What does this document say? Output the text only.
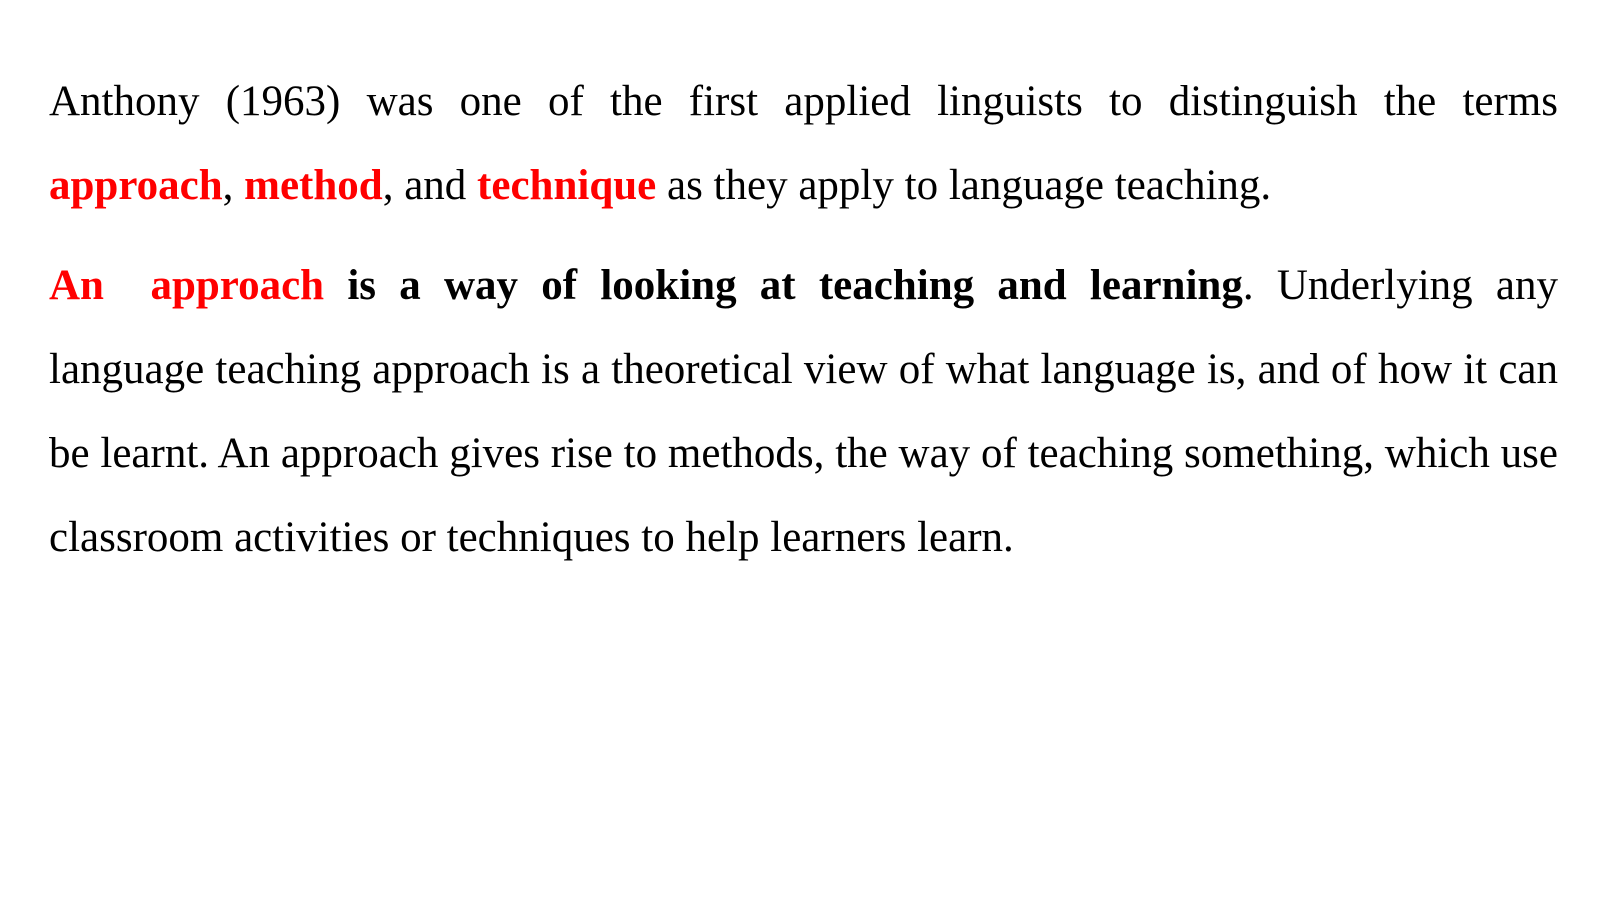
Anthony (1963) was one of the first applied linguists to distinguish the terms approach, method, and technique as they apply to language teaching.

An approach is a way of looking at teaching and learning. Underlying any language teaching approach is a theoretical view of what language is, and of how it can be learnt. An approach gives rise to methods, the way of teaching something, which use classroom activities or techniques to help learners learn.
